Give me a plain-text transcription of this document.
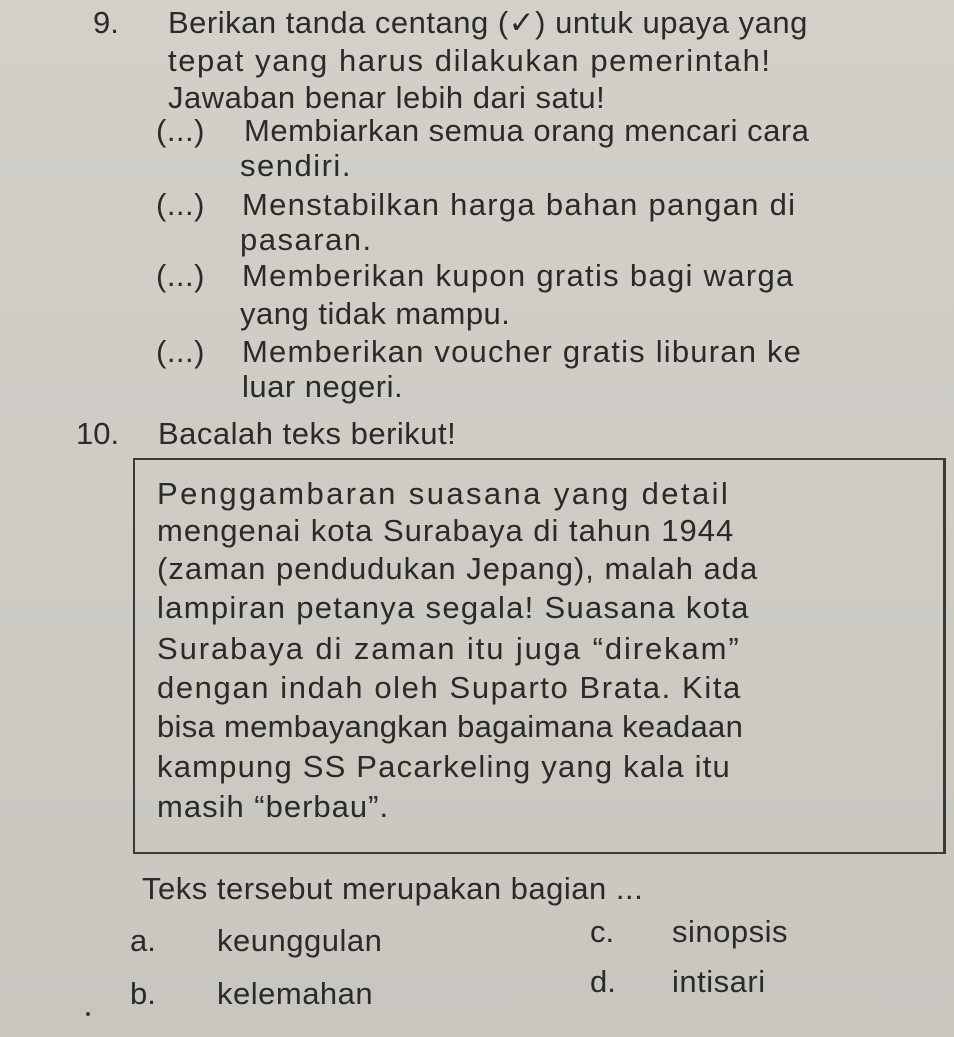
9. Berikan tanda centang (✓) untuk upaya yang
tepat yang harus dilakukan pemerintah!
Jawaban benar lebih dari satu!
(...) Membiarkan semua orang mencari cara
sendiri.
(...) Menstabilkan harga bahan pangan di
pasaran.
(...) Memberikan kupon gratis bagi warga
yang tidak mampu.
(...) Memberikan voucher gratis liburan ke
luar negeri.
10. Bacalah teks berikut!
Penggambaran suasana yang detail
mengenai kota Surabaya di tahun 1944
(zaman pendudukan Jepang), malah ada
lampiran petanya segala! Suasana kota
Surabaya di zaman itu juga “direkam”
dengan indah oleh Suparto Brata. Kita
bisa membayangkan bagaimana keadaan
kampung SS Pacarkeling yang kala itu
masih “berbau”.
Teks tersebut merupakan bagian ...
a. keunggulan
b. kelemahan
c. sinopsis
d. intisari
